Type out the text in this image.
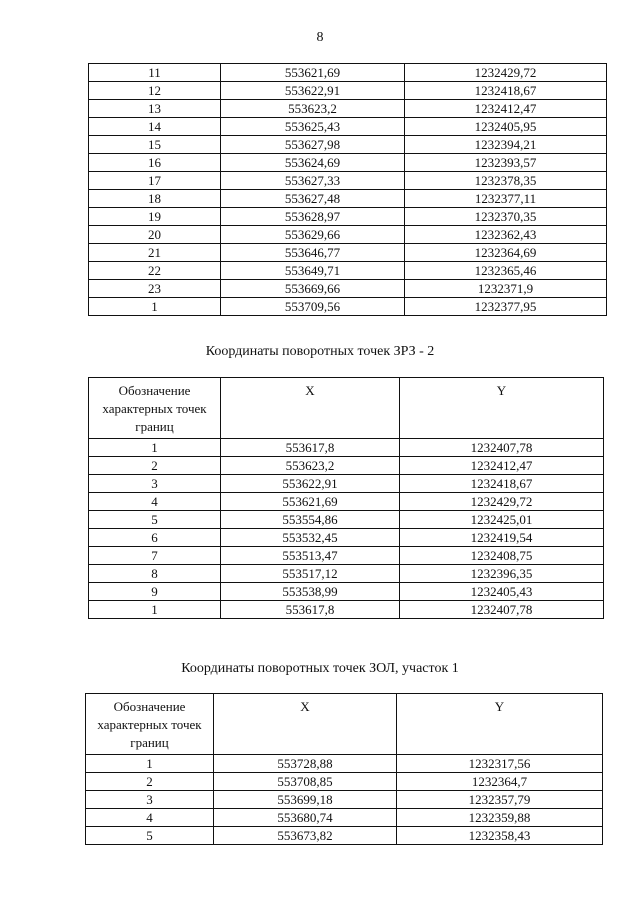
8
11	553621,69	1232429,72
12	553622,91	1232418,67
13	553623,2	1232412,47
14	553625,43	1232405,95
15	553627,98	1232394,21
16	553624,69	1232393,57
17	553627,33	1232378,35
18	553627,48	1232377,11
19	553628,97	1232370,35
20	553629,66	1232362,43
21	553646,77	1232364,69
22	553649,71	1232365,46
23	553669,66	1232371,9
1	553709,56	1232377,95
Координаты поворотных точек ЗРЗ - 2
Обозначение характерных точек границ	X	Y
1	553617,8	1232407,78
2	553623,2	1232412,47
3	553622,91	1232418,67
4	553621,69	1232429,72
5	553554,86	1232425,01
6	553532,45	1232419,54
7	553513,47	1232408,75
8	553517,12	1232396,35
9	553538,99	1232405,43
1	553617,8	1232407,78
Координаты поворотных точек ЗОЛ, участок 1
Обозначение характерных точек границ	X	Y
1	553728,88	1232317,56
2	553708,85	1232364,7
3	553699,18	1232357,79
4	553680,74	1232359,88
5	553673,82	1232358,43
